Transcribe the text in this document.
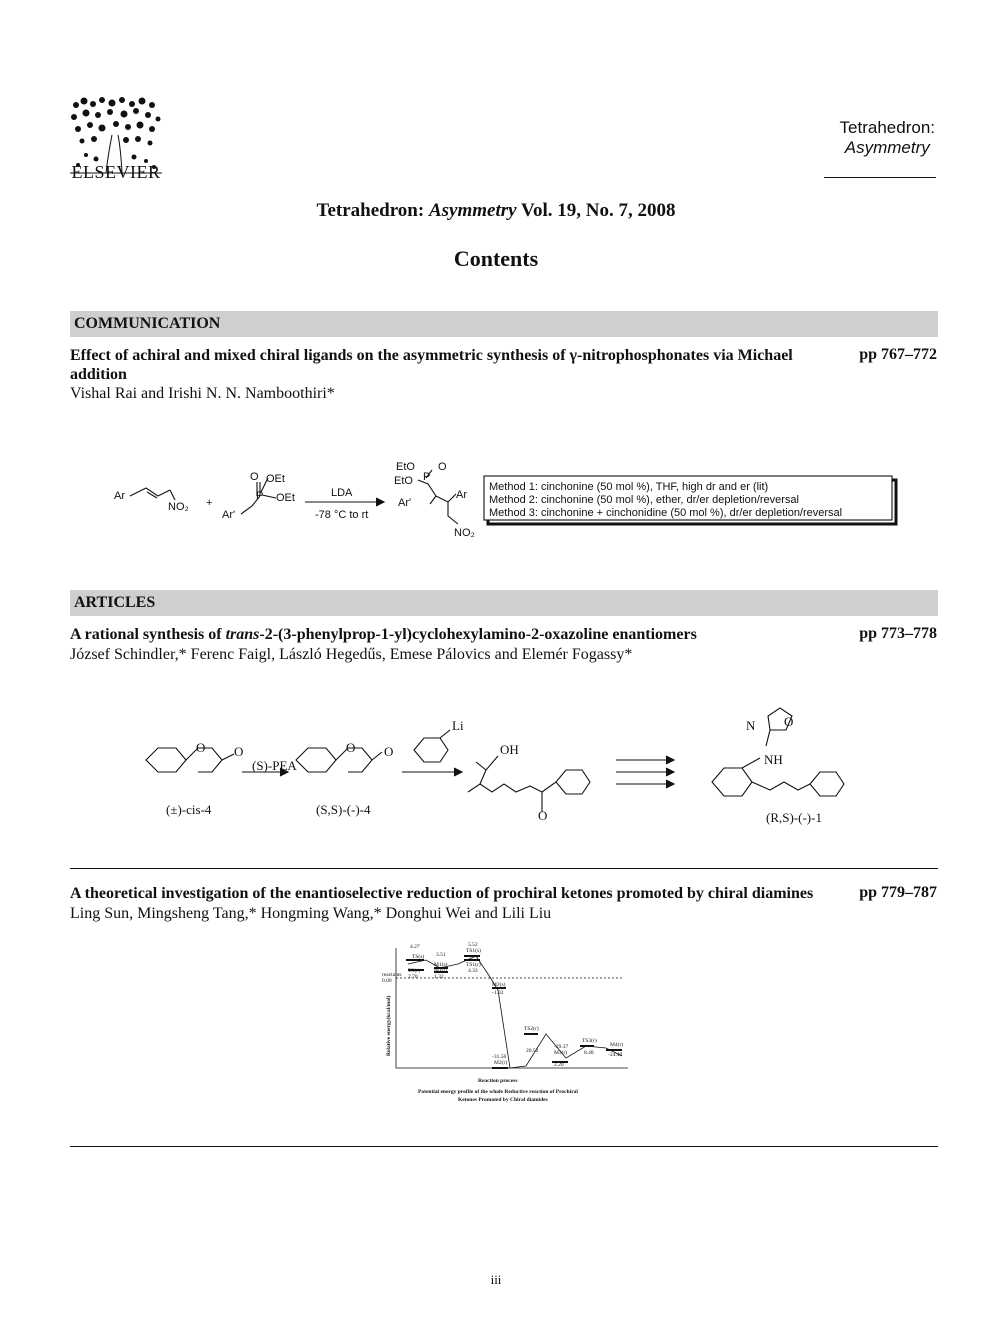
ELSEVIER
Tetrahedron:
Asymmetry
Tetrahedron: Asymmetry Vol. 19, No. 7, 2008
Contents
COMMUNICATION
Effect of achiral and mixed chiral ligands on the asymmetric synthesis of γ-nitrophosphonates via Michael addition
pp 767–772
Vishal Rai and Irishi N. N. Namboothiri*
Ar
NO₂ +
O OEt
P OEt
Ar'
EtO
P
O
EtO
Ar'
Ar
NO₂
LDA
-78 °C to rt
Method 1: cinchonine (50 mol %), THF, high dr and er (lit)
Method 2: cinchonine (50 mol %), ether, dr/er depletion/reversal
Method 3: cinchonine + cinchonidine (50 mol %), dr/er depletion/reversal
ARTICLES
A rational synthesis of trans-2-(3-phenylprop-1-yl)cyclohexylamino-2-oxazoline enantiomers	pp 773–778
József Schindler,* Ferenc Faigl, László Hegedűs, Emese Pálovics and Elemér Fogassy*
O O	O O	OH
O
N O
NH
(S)-PEA
Li
(±)-cis-4	(S,S)-(-)-4
(R,S)-(-)-1
A theoretical investigation of the enantioselective reduction of prochiral ketones promoted by chiral diamines	pp 779–787
Ling Sun, Mingsheng Tang,* Hongming Wang,* Donghui Wei and Lili Liu
reactants
0.00
TS(r)
2.70
TS(s)
4.27
M1(s)
3.51
M1(r)
1.32
TS1(s)
5.52
TS1(r)
4.33
M2(s)
-1.32
M2(r)
-31.56
TS2(r)
20.52	M3(r)
-29.37
2.20
TS3(r)
8.48
M4(r)
-24.40
Reaction process
Potential energy profile of the whole Reductive reaction of Prochiral
Ketones Promoted by Chiral diamides
Relative energy(kcal/mol)
iii
